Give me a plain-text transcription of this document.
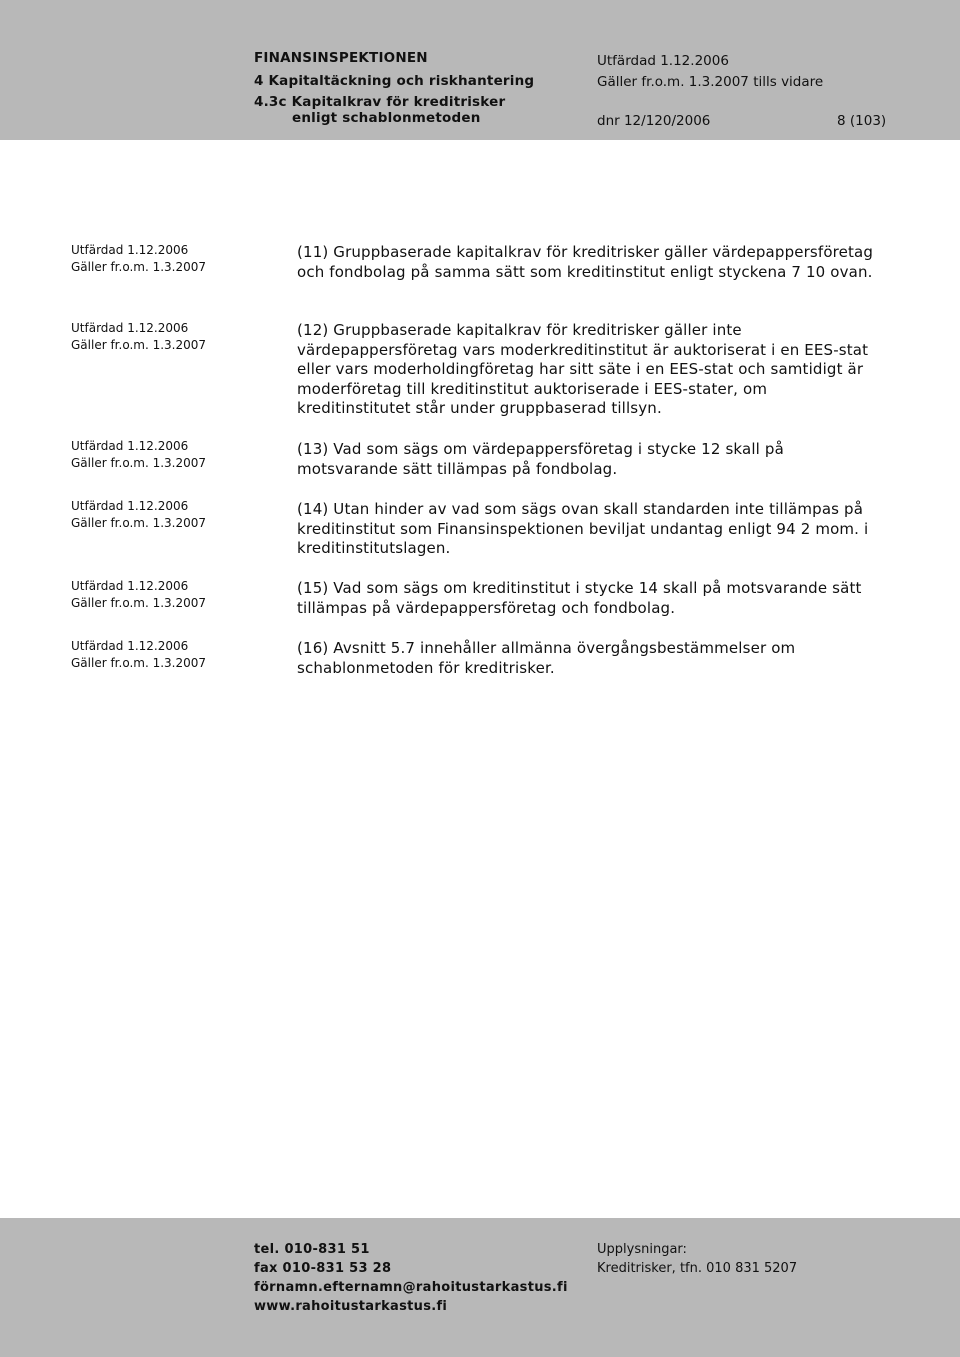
FINANSINSPEKTIONEN
4 Kapitaltäckning och riskhantering
4.3c Kapitalkrav för kreditrisker
enligt schablonmetoden
Utfärdad 1.12.2006
Gäller fr.o.m. 1.3.2007 tills vidare
dnr 12/120/2006	8 (103)
Utfärdad 1.12.2006
Gäller fr.o.m. 1.3.2007
Utfärdad 1.12.2006
Gäller fr.o.m. 1.3.2007
Utfärdad 1.12.2006
Gäller fr.o.m. 1.3.2007
Utfärdad 1.12.2006
Gäller fr.o.m. 1.3.2007
Utfärdad 1.12.2006
Gäller fr.o.m. 1.3.2007
Utfärdad 1.12.2006
Gäller fr.o.m. 1.3.2007

(11) Gruppbaserade kapitalkrav för kreditrisker gäller värdepappersföretag och fondbolag på samma sätt som kreditinstitut enligt styckena 7 10 ovan.

(12) Gruppbaserade kapitalkrav för kreditrisker gäller inte värdepappersföretag vars moderkreditinstitut är auktoriserat i en EES-stat eller vars moderholdingföretag har sitt säte i en EES-stat och samtidigt är moderföretag till kreditinstitut auktoriserade i EES-stater, om kreditinstitutet står under gruppbaserad tillsyn.

(13) Vad som sägs om värdepappersföretag i stycke 12 skall på motsvarande sätt tillämpas på fondbolag.

(14) Utan hinder av vad som sägs ovan skall standarden inte tillämpas på kreditinstitut som Finansinspektionen beviljat undantag enligt 94 2 mom. i kreditinstitutslagen.

(15) Vad som sägs om kreditinstitut i stycke 14 skall på motsvarande sätt tillämpas på värdepappersföretag och fondbolag.

(16) Avsnitt 5.7 innehåller allmänna övergångsbestämmelser om schablonmetoden för kreditrisker.

tel. 010-831 51
fax 010-831 53 28
förnamn.efternamn@rahoitustarkastus.fi
www.rahoitustarkastus.fi
Upplysningar:
Kreditrisker, tfn. 010 831 5207
